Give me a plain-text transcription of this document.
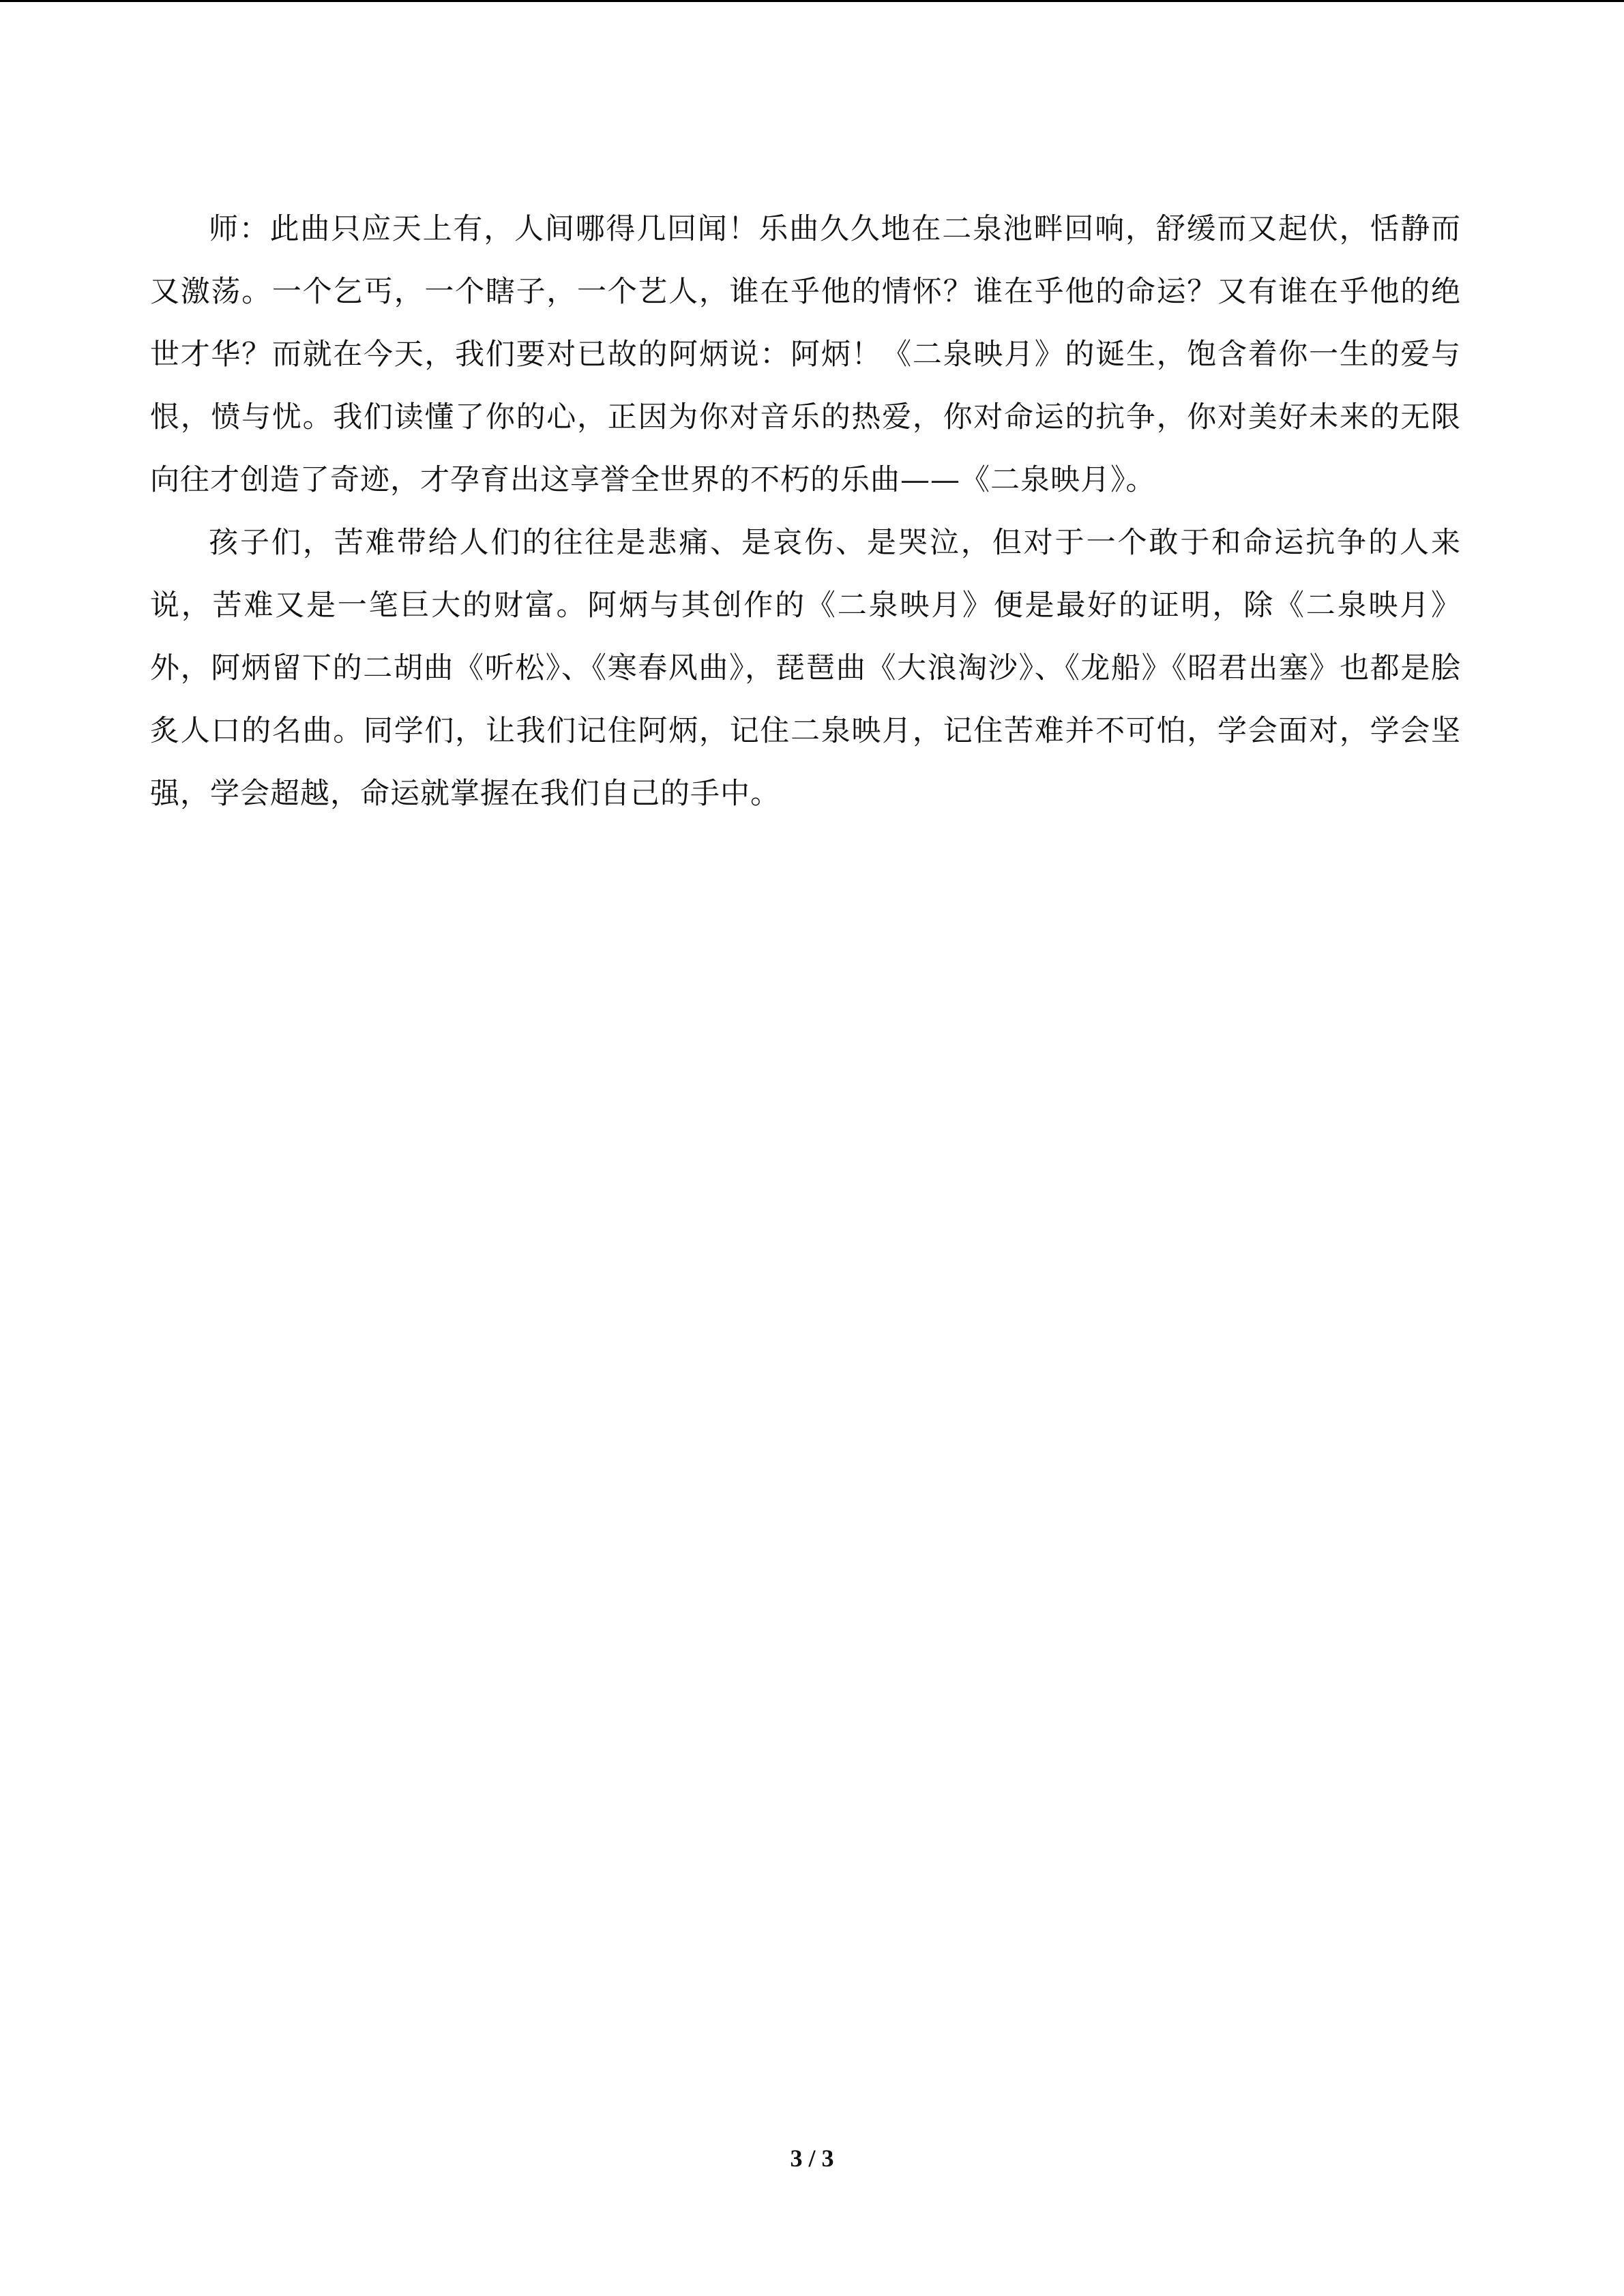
师：此曲只应天上有，人间哪得几回闻！乐曲久久地在二泉池畔回响，舒缓而又起伏，恬静而又激荡。一个乞丐，一个瞎子，一个艺人，谁在乎他的情怀？谁在乎他的命运？又有谁在乎他的绝世才华？而就在今天，我们要对已故的阿炳说：阿炳！《二泉映月》的诞生，饱含着你一生的爱与恨，愤与忧。我们读懂了你的心，正因为你对音乐的热爱，你对命运的抗争，你对美好未来的无限向往才创造了奇迹，才孕育出这享誉全世界的不朽的乐曲——《二泉映月》。

孩子们，苦难带给人们的往往是悲痛、是哀伤、是哭泣，但对于一个敢于和命运抗争的人来说，苦难又是一笔巨大的财富。阿炳与其创作的《二泉映月》便是最好的证明，除《二泉映月》外，阿炳留下的二胡曲《听松》、《寒春风曲》，琵琶曲《大浪淘沙》、《龙船》《昭君出塞》也都是脍炙人口的名曲。同学们，让我们记住阿炳，记住二泉映月，记住苦难并不可怕，学会面对，学会坚强，学会超越，命运就掌握在我们自己的手中。

3 / 3
